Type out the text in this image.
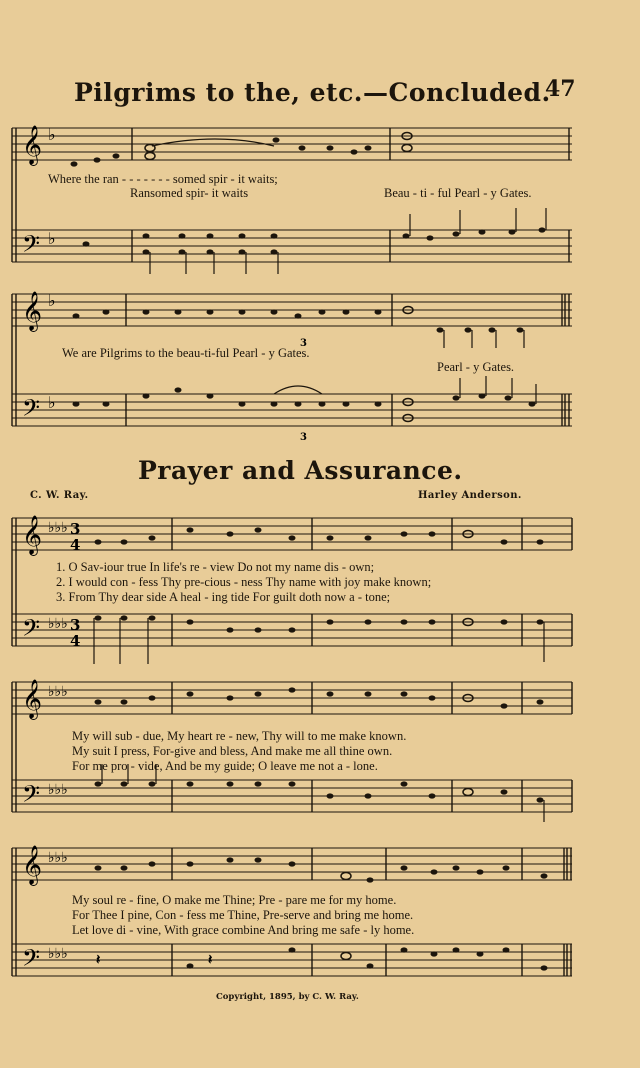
Pilgrims to the, etc.—Concluded.
47
𝄞
𝄢
♭
♭
𝄞
𝄢
♭
♭
3
3
𝄞
𝄢
♭♭♭
♭♭♭
3
4
3
4
𝄞
𝄢
♭♭♭
♭♭♭
𝄞
𝄢
♭♭♭
♭♭♭ 𝄽	𝄽
Where the ran - - - - - - - somed spir - it waits;
Ransomed spir- it waits	Beau - ti - ful Pearl - y Gates.
We are Pilgrims to the beau-ti-ful Pearl - y Gates.
Pearl - y Gates.
Prayer and Assurance.
C. W. Ray.	Harley Anderson.
1. O Sav-iour true In life's re - view Do not my name dis - own;
2. I would con - fess Thy pre-cious - ness Thy name with joy make known;
3. From Thy dear side A heal - ing tide For guilt doth now a - tone;
My will sub - due, My heart re - new, Thy will to me make known.
My suit I press, For-give and bless, And make me all thine own.
For me pro - vide, And be my guide; O leave me not a - lone.
My soul re - fine, O make me Thine; Pre - pare me for my home.
For Thee I pine, Con - fess me Thine, Pre-serve and bring me home.
Let love di - vine, With grace combine And bring me safe - ly home.
Copyright, 1895, by C. W. Ray.
